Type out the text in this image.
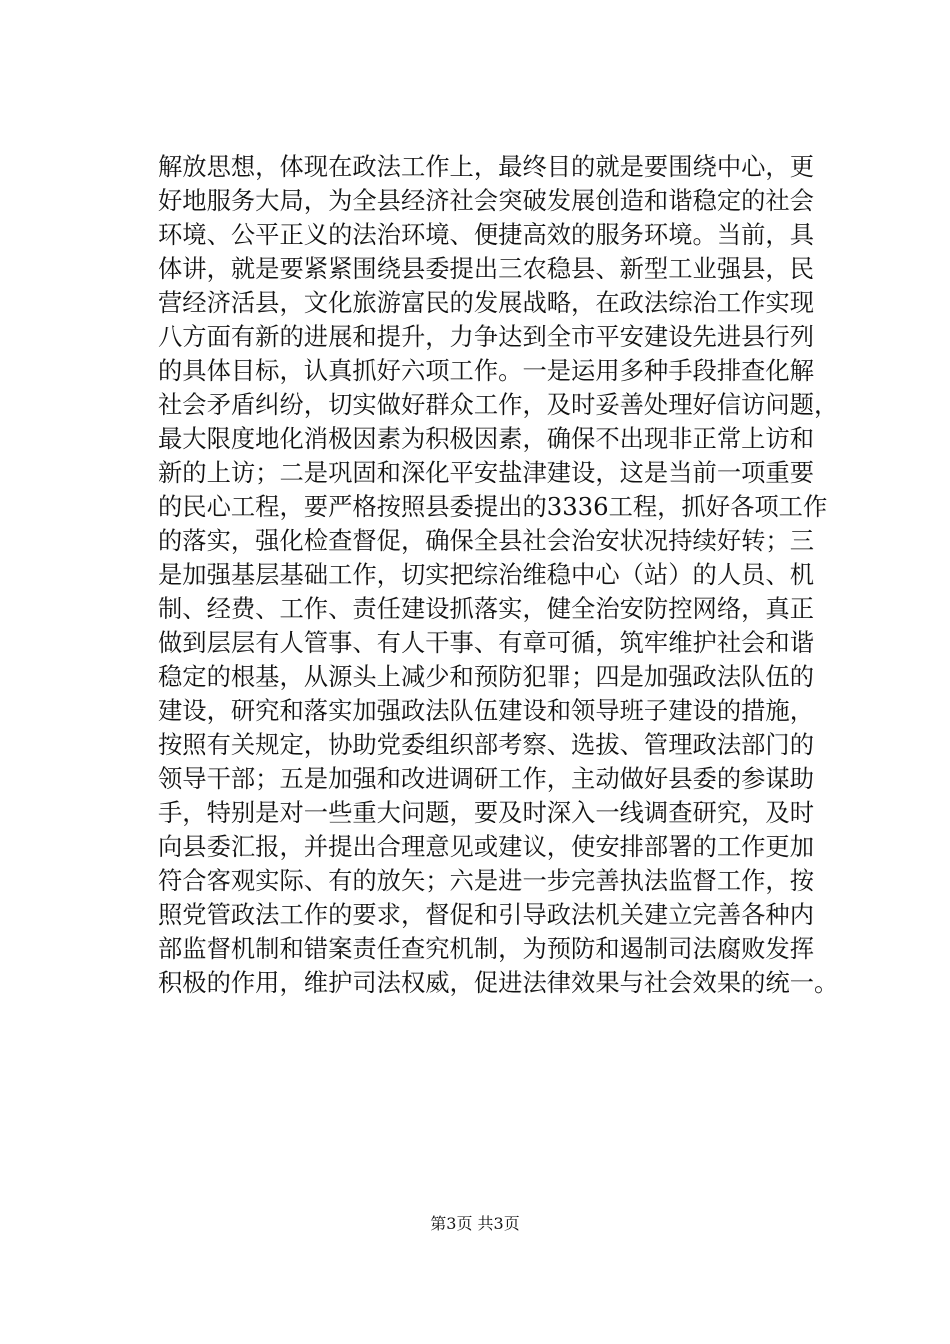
解放思想，体现在政法工作上，最终目的就是要围绕中心，更
好地服务大局，为全县经济社会突破发展创造和谐稳定的社会
环境、公平正义的法治环境、便捷高效的服务环境。当前，具
体讲，就是要紧紧围绕县委提出三农稳县、新型工业强县，民
营经济活县，文化旅游富民的发展战略，在政法综治工作实现
八方面有新的进展和提升，力争达到全市平安建设先进县行列
的具体目标，认真抓好六项工作。一是运用多种手段排查化解
社会矛盾纠纷，切实做好群众工作，及时妥善处理好信访问题，
最大限度地化消极因素为积极因素，确保不出现非正常上访和
新的上访；二是巩固和深化平安盐津建设，这是当前一项重要
的民心工程，要严格按照县委提出的3336工程，抓好各项工作
的落实，强化检查督促，确保全县社会治安状况持续好转；三
是加强基层基础工作，切实把综治维稳中心（站）的人员、机
制、经费、工作、责任建设抓落实，健全治安防控网络，真正
做到层层有人管事、有人干事、有章可循，筑牢维护社会和谐
稳定的根基，从源头上减少和预防犯罪；四是加强政法队伍的
建设，研究和落实加强政法队伍建设和领导班子建设的措施，
按照有关规定，协助党委组织部考察、选拔、管理政法部门的
领导干部；五是加强和改进调研工作，主动做好县委的参谋助
手，特别是对一些重大问题，要及时深入一线调查研究，及时
向县委汇报，并提出合理意见或建议，使安排部署的工作更加
符合客观实际、有的放矢；六是进一步完善执法监督工作，按
照党管政法工作的要求，督促和引导政法机关建立完善各种内
部监督机制和错案责任查究机制，为预防和遏制司法腐败发挥
积极的作用，维护司法权威，促进法律效果与社会效果的统一。
第3页 共3页
